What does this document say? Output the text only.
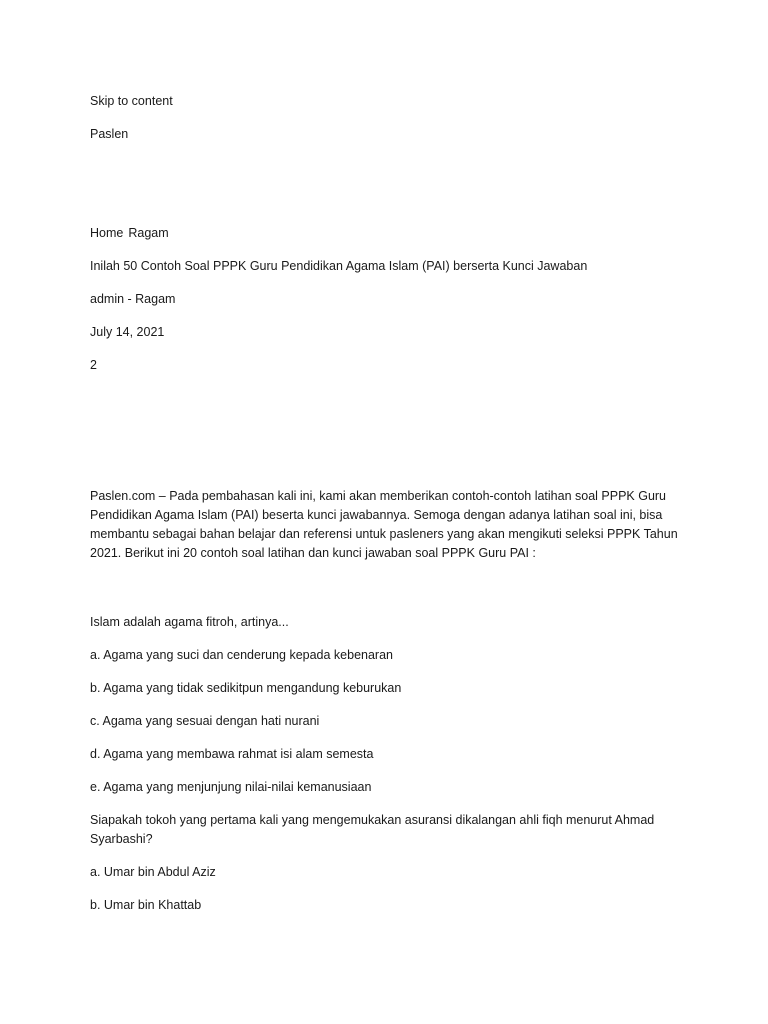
Skip to content

Paslen

Home Ragam

Inilah 50 Contoh Soal PPPK Guru Pendidikan Agama Islam (PAI) berserta Kunci Jawaban

admin - Ragam

July 14, 2021

2

Paslen.com – Pada pembahasan kali ini, kami akan memberikan contoh-contoh latihan soal PPPK Guru
Pendidikan Agama Islam (PAI) beserta kunci jawabannya. Semoga dengan adanya latihan soal ini, bisa
membantu sebagai bahan belajar dan referensi untuk pasleners yang akan mengikuti seleksi PPPK Tahun
2021. Berikut ini 20 contoh soal latihan dan kunci jawaban soal PPPK Guru PAI :

Islam adalah agama fitroh, artinya...

a. Agama yang suci dan cenderung kepada kebenaran

b. Agama yang tidak sedikitpun mengandung keburukan

c. Agama yang sesuai dengan hati nurani

d. Agama yang membawa rahmat isi alam semesta

e. Agama yang menjunjung nilai-nilai kemanusiaan

Siapakah tokoh yang pertama kali yang mengemukakan asuransi dikalangan ahli fiqh menurut Ahmad
Syarbashi?

a. Umar bin Abdul Aziz

b. Umar bin Khattab
